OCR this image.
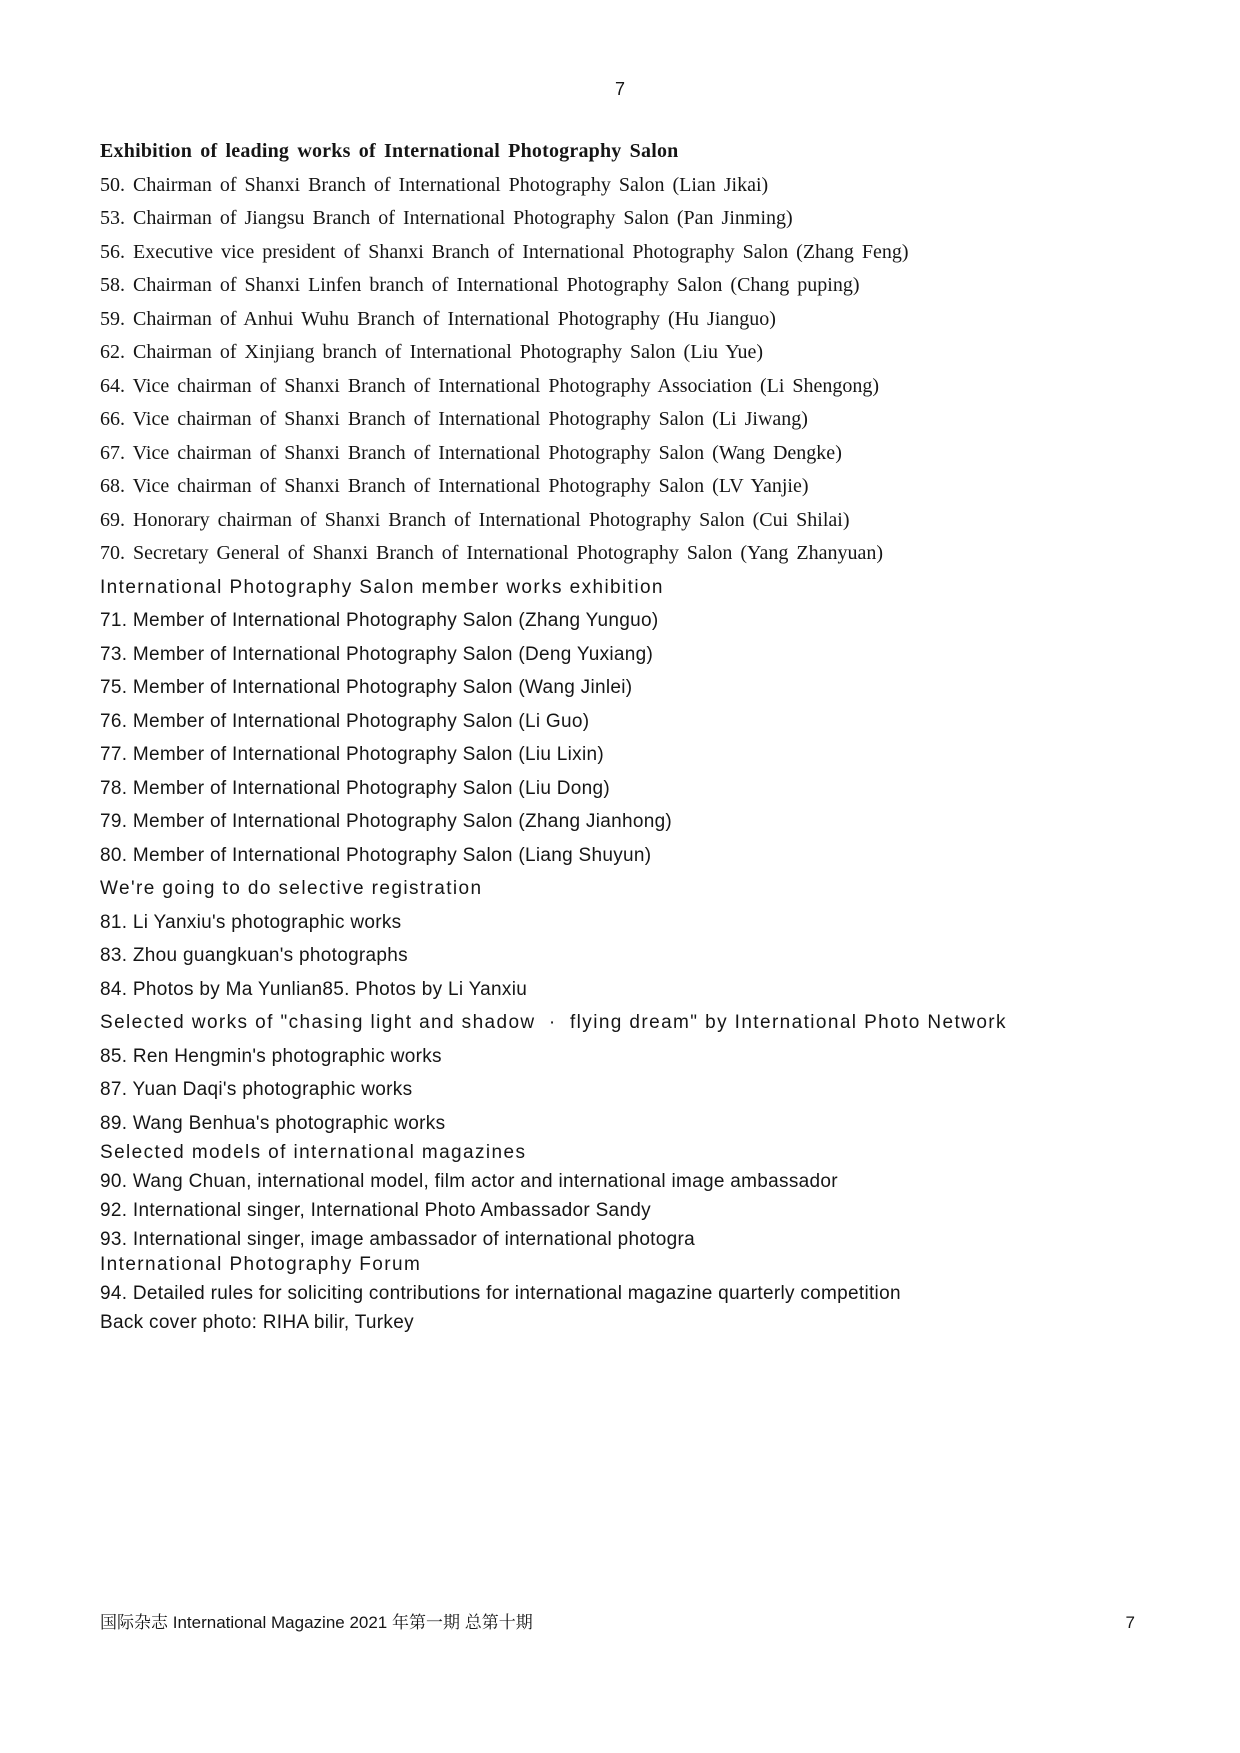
7

Exhibition of leading works of International Photography Salon

50. Chairman of Shanxi Branch of International Photography Salon (Lian Jikai)

53. Chairman of Jiangsu Branch of International Photography Salon (Pan Jinming)

56. Executive vice president of Shanxi Branch of International Photography Salon (Zhang Feng)

58. Chairman of Shanxi Linfen branch of International Photography Salon (Chang puping)

59. Chairman of Anhui Wuhu Branch of International Photography (Hu Jianguo)

62. Chairman of Xinjiang branch of International Photography Salon (Liu Yue)

64. Vice chairman of Shanxi Branch of International Photography Association (Li Shengong)

66. Vice chairman of Shanxi Branch of International Photography Salon (Li Jiwang)

67. Vice chairman of Shanxi Branch of International Photography Salon (Wang Dengke)

68. Vice chairman of Shanxi Branch of International Photography Salon (LV Yanjie)

69. Honorary chairman of Shanxi Branch of International Photography Salon (Cui Shilai)

70. Secretary General of Shanxi Branch of International Photography Salon (Yang Zhanyuan)

International Photography Salon member works exhibition

71. Member of International Photography Salon (Zhang Yunguo)

73. Member of International Photography Salon (Deng Yuxiang)

75. Member of International Photography Salon (Wang Jinlei)

76. Member of International Photography Salon (Li Guo)

77. Member of International Photography Salon (Liu Lixin)

78. Member of International Photography Salon (Liu Dong)

79. Member of International Photography Salon (Zhang Jianhong)

80. Member of International Photography Salon (Liang Shuyun)

We're going to do selective registration

81. Li Yanxiu's photographic works

83. Zhou guangkuan's photographs

84. Photos by Ma Yunlian85. Photos by Li Yanxiu

Selected works of "chasing light and shadow  ·  flying dream" by International Photo Network

85. Ren Hengmin's photographic works

87. Yuan Daqi's photographic works

89. Wang Benhua's photographic works

Selected models of international magazines

90. Wang Chuan, international model, film actor and international image ambassador

92. International singer, International Photo Ambassador Sandy

93. International singer, image ambassador of international photogra

International Photography Forum

94. Detailed rules for soliciting contributions for international magazine quarterly competition

Back cover photo: RIHA bilir, Turkey

国际杂志 International Magazine 2021 年第一期 总第十期	7
